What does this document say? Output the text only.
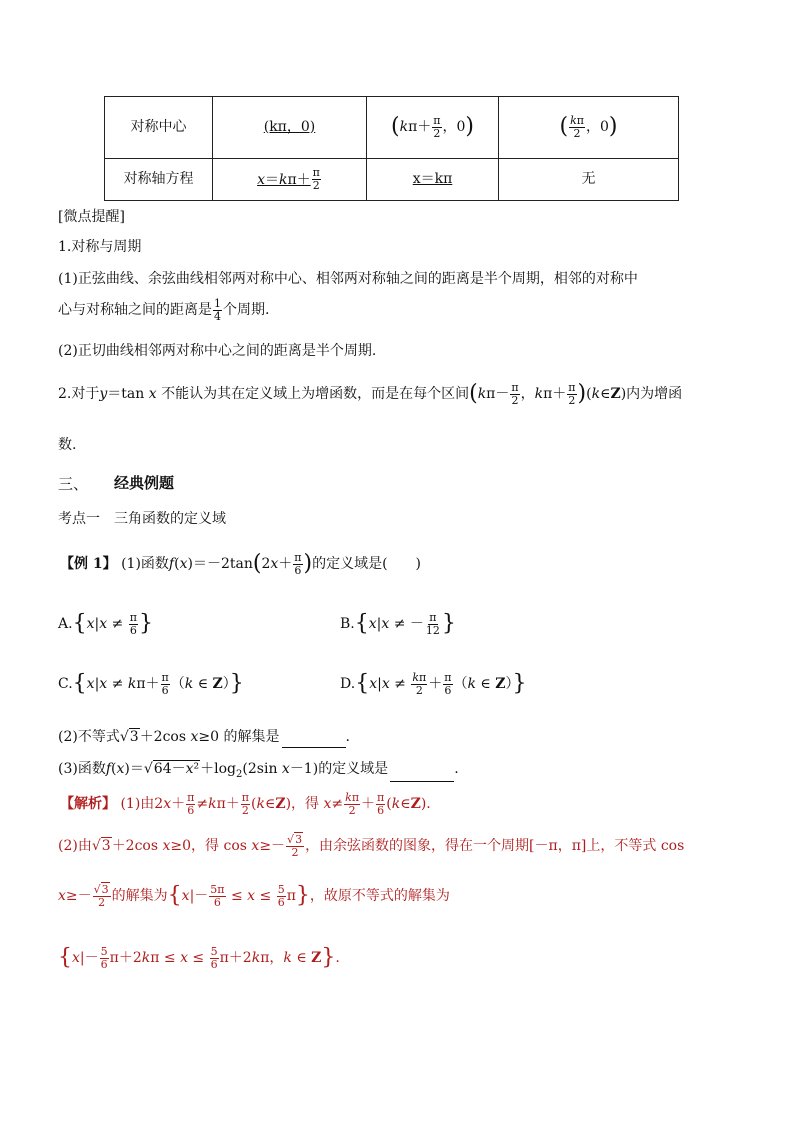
对称中心	(kπ，0)	($k\pi+ \frac{\pi}{2}$ ，0)	( $\frac{k\pi}{2}$ ，0)
对称轴方程	$x=k\pi+ \frac{\pi}{2}$	x＝kπ	无
[微点提醒]
1.对称与周期
(1)正弦曲线、余弦曲线相邻两对称中心、相邻两对称轴之间的距离是半个周期，相邻的对称中
心与对称轴之间的距离是 $\frac{1}{4}$ 个周期.
(2)正切曲线相邻两对称中心之间的距离是半个周期.
2.对于y＝tan x 不能认为其在定义域上为增函数，而是在每个区间($k\pi- \frac{\pi}{2}$ ，$k\pi+ \frac{\pi}{2}$ )(k∈Z)内为增函
数.
三、 经典例题
考点一　三角函数的定义域
【例 1】 (1)函数$f(x)=-2\tan(2x+ \frac{\pi}{6}$ )的定义域是(　　)
$A.\{x|x \ne \frac{\pi}{6}$ }	B.{x|x ≠ － $\frac{\pi}{12}$ }
$C.\{x|x \ne k\pi+ \frac{\pi}{6} (k$ ∈ Z）}	$D.\{x|x \ne \frac{k\pi}{2} + \frac{\pi}{6} (k$ ∈ Z）}
(2)不等式√3＋2cos x≥0 的解集是	.
(3)函数$f(x)=√64-x^2+\log_2(2\sin$ x－1)的定义域是	.
【解析】 (1)由$2x+ \frac{\pi}{6} \ne k\pi+ \frac{\pi}{2}$ (k∈Z)，得 $x\ne \frac{k\pi}{2} + \frac{\pi}{6}$ (k∈Z).
(2)由√3＋2cos x≥0，得 $\cos x\ge- \frac{√3}{2}$ ，由余弦函数的图象，得在一个周期[－π，π]上，不等式 cos
$x\ge- \frac{√3}{2}$ 的解集为$\{x|- \frac{5\pi}{6} \le x \le \frac{5}{6} \pi\}$，故原不等式的解集为
{$x|- \frac{5}{6} \pi+2k\pi \le x \le \frac{5}{6} \pi+2k\pi$，k ∈ Z}.
